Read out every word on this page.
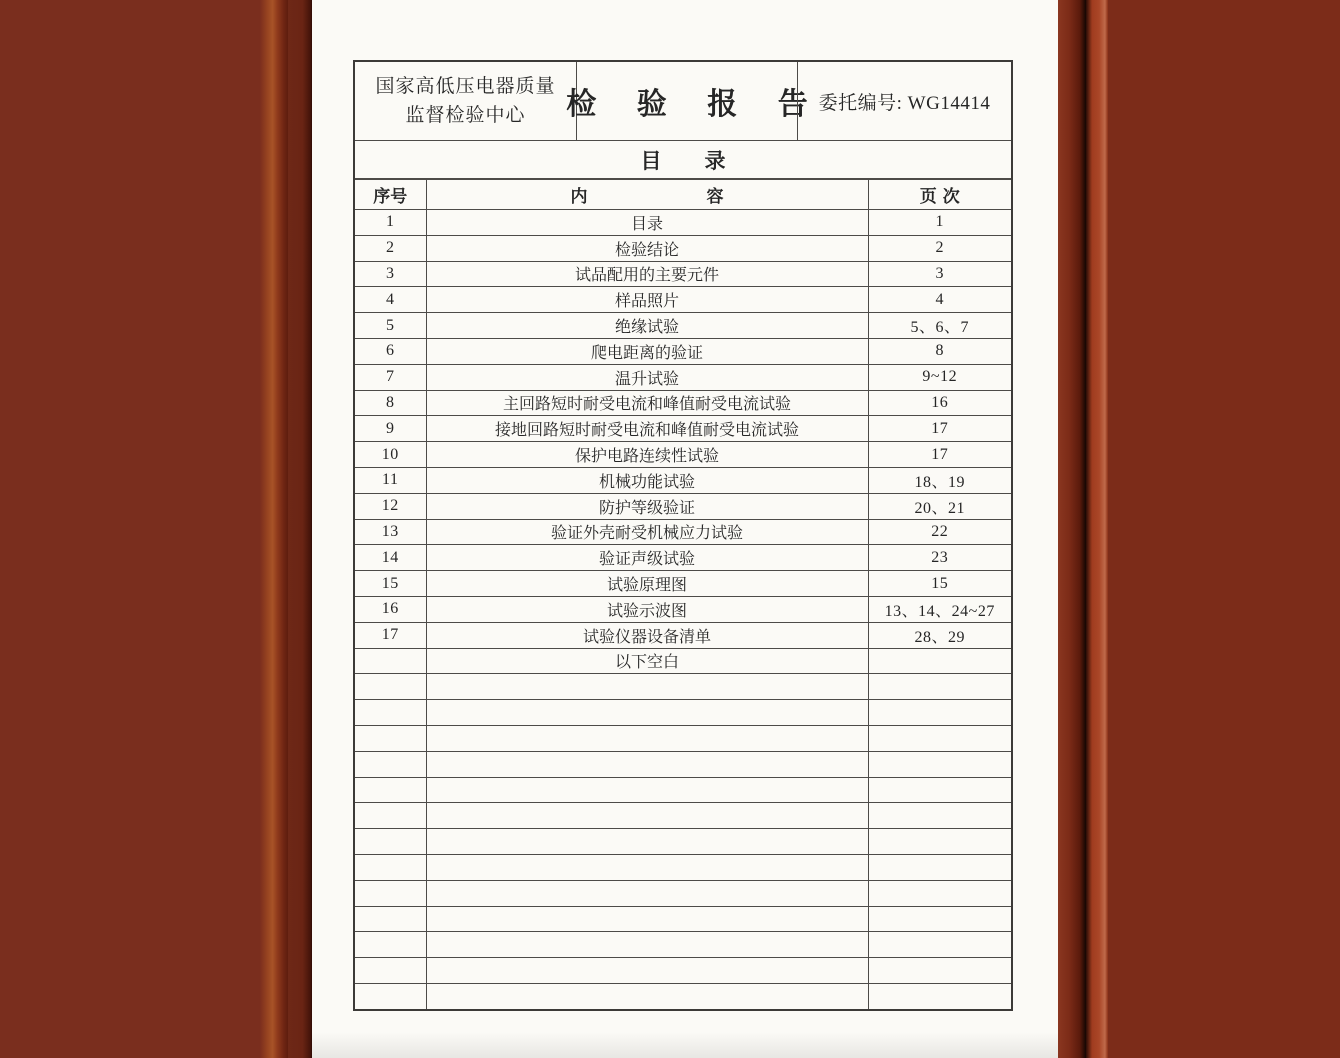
国家高低压电器质量
监督检验中心	检 验 报 告
委托编号: WG14414
目 录
序号	内容	页次
1	目录	1
2	检验结论	2
3	试品配用的主要元件	3
4	样品照片	4
5	绝缘试验	5、6、7
6	爬电距离的验证	8
7	温升试验	9~12
8	主回路短时耐受电流和峰值耐受电流试验	16
9	接地回路短时耐受电流和峰值耐受电流试验	17
10	保护电路连续性试验	17
11	机械功能试验	18、19
12	防护等级验证	20、21
13	验证外壳耐受机械应力试验	22
14	验证声级试验	23
15	试验原理图	15
16	试验示波图	13、14、24~27
17	试验仪器设备清单	28、29
	以下空白	
